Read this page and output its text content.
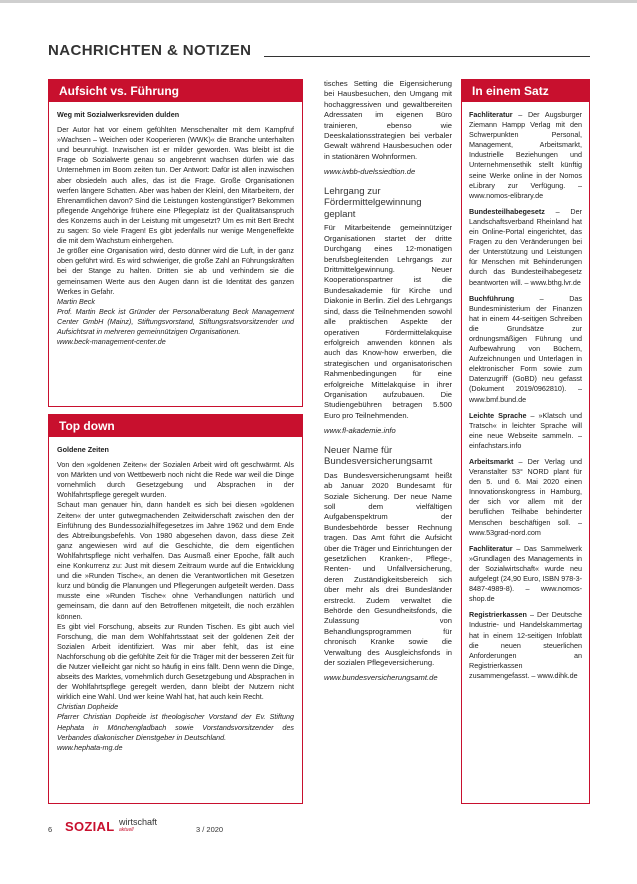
NACHRICHTEN & NOTIZEN
Aufsicht vs. Führung

Weg mit Sozialwerksreviden dulden

Der Autor hat vor einem gefühlten Menschenalter mit dem Kampfruf »Wachsen – Weichen oder Kooperieren (WWK)« die Branche unterhalten und beunruhigt. Inzwischen ist er milder geworden. Was bleibt ist die Frage ob Sozialwerte genau so angebrennt wachsen dürfen wie das Unternehmen im Boom zeiten tun. Der Antwort: Dafür ist allen inzwischen aber obsiedeln auch alles, das ist die Frage. Große Organisationen werfen längere Schatten. Aber was haben der Kleinl, den Mitarbeitern, der Ehrenamtlichen davon? Sind die Leistungen kostengünstiger? Bekommen pflegende Angehörige frühere eine Pflegeplatz ist der Qualitätsanspruch des Konzerns auch in der Leistung mit umgesetzt? Um es mit Bert Brecht zu sagen: So viele Fragen! Es gibt jedenfalls nur wenige Mengeneffekte die mit dem Wachstum einhergehen.

Je größer eine Organisation wird, desto dünner wird die Luft, in der ganz oben geführt wird. Es wird schwieriger, die große Zahl an Führungskräften bei der Stange zu halten. Dritten sie ab und verhindern sie die gemeinsamen Werte aus den Augen dann ist die Identität des ganzen Werkes in Gefahr.

Martin Beck

Prof. Martin Beck ist Gründer der Personalberatung Beck Management Center GmbH (Mainz), Stiftungsvorstand, Stiftungsratsvorsitzender und Aufsichtsrat in mehreren gemeinnützigen Organisationen.

www.beck-management-center.de

Top down

Goldene Zeiten

Von den »goldenen Zeiten« der Sozialen Arbeit wird oft geschwärmt. Als von Märkten und von Wettbewerb noch nicht die Rede war weil die Dinge vornehmlich durch Gesetzgebung und Absprachen in der Wohlfahrtspflege geregelt wurden.

Schaut man genauer hin, dann handelt es sich bei diesen »goldenen Zeiten« der unter gutwegmachenden Zeitwiderschaft zwischen den der Einführung des Bundessozialhilfegesetzes im Jahre 1962 und dem Ende des Abtreibungsbefehls. Von 1980 abgesehen davon, dass diese Zeit ganz angewiesen wird auf die Geschichte, die dem eigentlichen Wohlfahrtspflege nicht verhalfen. Das Ausmaß einer Epoche, fällt auch eine Konkurrenz zu: Just mit diesem Zeitraum wurde auf die Entwicklung und die »Runden Tische«, an denen die Verantwortlichen mit Gesetzen kurz und bündig die Planungen und Pflegerungen aufgeteilt werden. Dass musste eine »Runden Tische« ohne Verhandlungen natürlich und gemeinsam, die dann auf den Betroffenen mitgeteilt, die noch erzählen können.

Es gibt viel Forschung, abseits zur Runden Tischen. Es gibt auch viel Forschung, die man dem Wohlfahrtsstaat seit der goldenen Zeit der Sozialen Arbeit identifiziert. Was mir aber fehlt, das ist eine Nachforschung ob die gefühlte Zeit für die Träger mit der besseren Zeit für die Nutzer vielleicht gar nicht so häufig in eins fällt. Denn wenn die Dinge, abseits des Marktes, vornehmlich durch Gesetzgebung und Absprachen in der Wohlfahrtspflege geregelt werden, dann bleibt der Nutzern nicht wirklich eine Wahl. Und wer keine Wahl hat, hat auch kein Recht.

Christian Dopheide

Pfarrer Christian Dopheide ist theologischer Vorstand der Ev. Stiftung Hephata in Mönchengladbach sowie Vorstandsvorsitzender des Verbandes diakonischer Dienstgeber in Deutschland.

www.hephata-mg.de

tisches Setting die Eigensicherung bei Hausbesuchen, den Umgang mit hochaggressiven und gewaltbereiten Adressaten im eigenen Büro trainieren, ebenso wie Deeskalationsstrategien bei verbaler Gewalt während Hausbesuchen oder in stationären Wohnformen.

www.iwbb-duelssiedtion.de

Lehrgang zur Fördermittelgewinnung geplant

Für Mitarbeitende gemeinnütziger Organisationen startet der dritte Durchgang eines 12-monatigen berufsbegleitenden Lehrgangs zur Drittmittelgewinnung. Neuer Kooperationspartner ist die Bundesakademie für Kirche und Diakonie in Berlin. Ziel des Lehrgangs sind, dass die Teilnehmenden sowohl alle praktischen Aspekte der operativen Fördermittelakquise erfolgreich anwenden können als auch das Know-how erwerben, die strategischen und organisatorischen Rahmenbedingungen für eine erfolgreiche Mittelakquise in ihrer Organisation aufzubauen. Die Studiengebühren betragen 5.500 Euro pro Teilnehmenden.

www.fl-akademie.info

Neuer Name für Bundesversicherungsamt

Das Bundesversicherungsamt heißt ab Januar 2020 Bundesamt für Soziale Sicherung. Der neue Name soll dem vielfältigen Aufgabenspektrum der Bundesbehörde besser Rechnung tragen. Das Amt führt die Aufsicht über die Träger und Einrichtungen der gesetzlichen Kranken-, Pflege-, Renten- und Unfallversicherung, deren Zuständigkeitsbereich sich über mehr als drei Bundesländer erstreckt. Zudem verwaltet die Behörde den Gesundheitsfonds, die Zulassung von Behandlungsprogrammen für chronisch Kranke sowie die Verwaltung des Ausgleichsfonds in der sozialen Pflegeversicherung.

www.bundesversicherungsamt.de

In einem Satz

Fachliteratur – Der Augsburger Ziemann Hampp Verlag mit den Schwerpunkten Personal, Management, Arbeitsmarkt, Industrielle Beziehungen und Unternehmensethik stellt künftig seine Werke online in der Nomos eLibrary zur Verfügung. – www.nomos-elibrary.de

Bundesteilhabegesetz – Der Landschaftsverband Rheinland hat ein Online-Portal eingerichtet, das Fragen zu den Veränderungen bei der Unterstützung und Leistungen für Menschen mit Behinderungen durch das Bundesteilhabegesetz beantworten will. – www.bthg.lvr.de

Buchführung – Das Bundesministerium der Finanzen hat in einem 44-seitigen Schreiben die Grundsätze zur ordnungsmäßigen Führung und Aufbewahrung von Büchern, Aufzeichnungen und Unterlagen in elektronischer Form sowie zum Datenzugriff (GoBD) neu gefasst (Dokument 2019/0962810). – www.bmf.bund.de

Leichte Sprache – »Klatsch und Tratsch« in leichter Sprache will eine neue Webseite sammeln. – einfachstars.info

Arbeitsmarkt – Der Verlag und Veranstalter 53° NORD plant für den 5. und 6. Mai 2020 einen Innovationskongress in Hamburg, der sich vor allem mit der beruflichen Teilhabe behinderter Menschen beschäftigen soll. – www.53grad-nord.com

Fachliteratur – Das Sammelwerk »Grundlagen des Managements in der Sozialwirtschaft« wurde neu aufgelegt (24,90 Euro, ISBN 978-3-8487-4989-8). – www.nomos-shop.de

Registrierkassen – Der Deutsche Industrie- und Handelskammertag hat in einem 12-seitigen Infoblatt die neuen steuerlichen Anforderungen an Registrierkassen zusammengefasst. – www.dihk.de

6 SOZIAL wirtschaft
aktuell	3 / 2020
